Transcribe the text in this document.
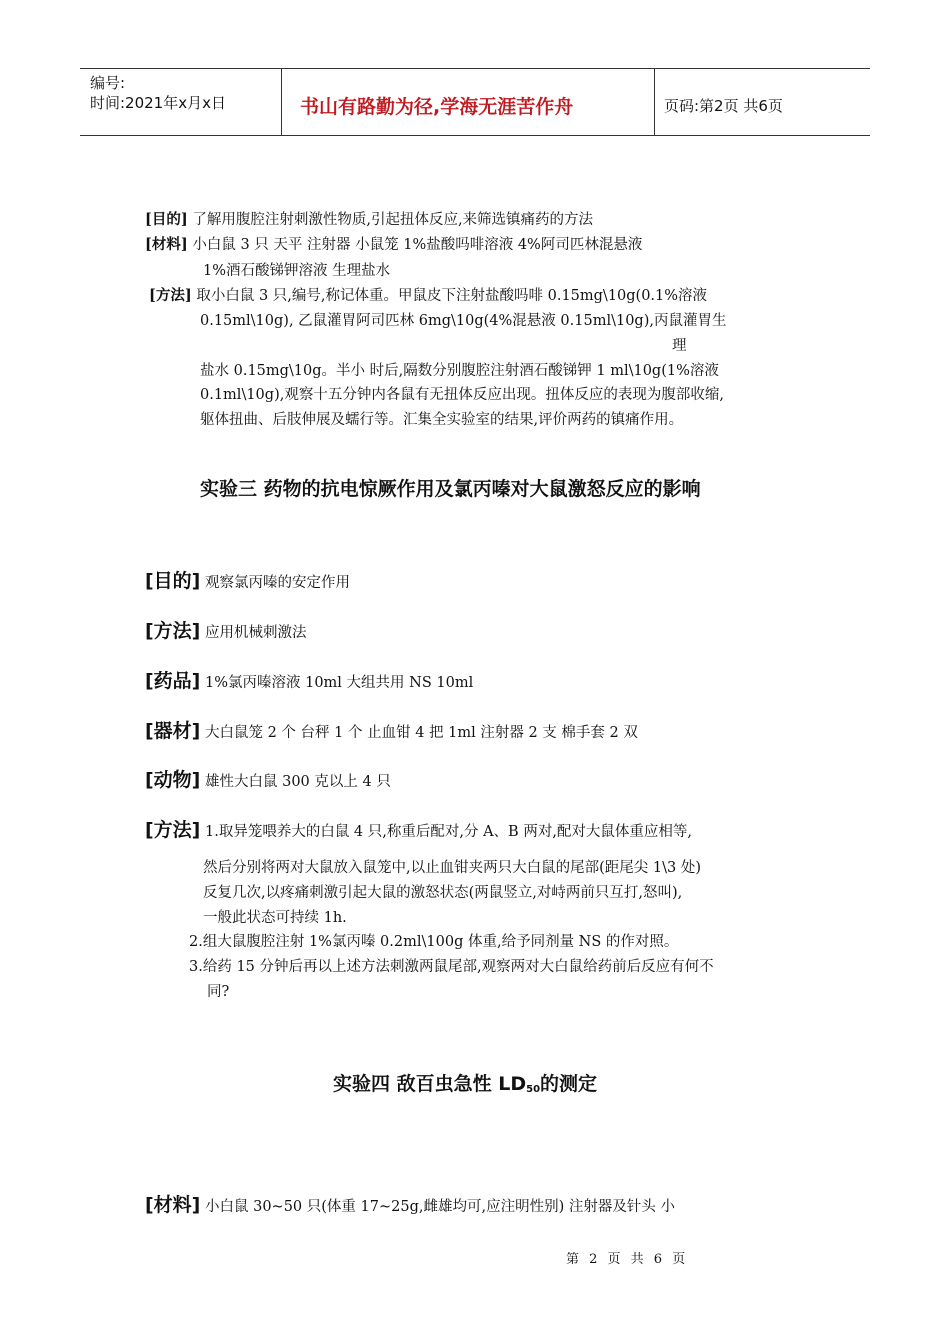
编号:
时间:2021年x月x日	书山有路勤为径,学海无涯苦作舟	页码:第2页 共6页
[目的] 了解用腹腔注射刺激性物质,引起扭体反应,来筛选镇痛药的方法
[材料] 小白鼠 3 只 天平 注射器 小鼠笼 1%盐酸吗啡溶液 4%阿司匹林混悬液
1%酒石酸锑钾溶液 生理盐水
[方法] 取小白鼠 3 只,编号,称记体重。甲鼠皮下注射盐酸吗啡 0.15mg\10g(0.1%溶液
0.15ml\10g), 乙鼠灌胃阿司匹林 6mg\10g(4%混悬液 0.15ml\10g),丙鼠灌胃生
理
盐水 0.15mg\10g。半小 时后,隔数分别腹腔注射酒石酸锑钾 1 ml\10g(1%溶液
0.1ml\10g),观察十五分钟内各鼠有无扭体反应出现。扭体反应的表现为腹部收缩,
躯体扭曲、后肢伸展及蠕行等。汇集全实验室的结果,评价两药的镇痛作用。
实验三 药物的抗电惊厥作用及氯丙嗪对大鼠激怒反应的影响
[目的] 观察氯丙嗪的安定作用
[方法] 应用机械刺激法
[药品] 1%氯丙嗪溶液 10ml 大组共用 NS 10ml
[器材] 大白鼠笼 2 个 台秤 1 个 止血钳 4 把 1ml 注射器 2 支 棉手套 2 双
[动物] 雄性大白鼠 300 克以上 4 只
[方法] 1.取异笼喂养大的白鼠 4 只,称重后配对,分 A、B 两对,配对大鼠体重应相等,
然后分别将两对大鼠放入鼠笼中,以止血钳夹两只大白鼠的尾部(距尾尖 1\3 处)
反复几次,以疼痛刺激引起大鼠的激怒状态(两鼠竖立,对峙两前只互打,怒叫),
一般此状态可持续 1h.
2.组大鼠腹腔注射 1%氯丙嗪 0.2ml\100g 体重,给予同剂量 NS 的作对照。
3.给药 15 分钟后再以上述方法刺激两鼠尾部,观察两对大白鼠给药前后反应有何不
同?
实验四 敌百虫急性 $LD_{50}$的测定
[材料] 小白鼠 30~50 只(体重 17~25g,雌雄均可,应注明性别) 注射器及针头 小
第 2 页 共 6 页
